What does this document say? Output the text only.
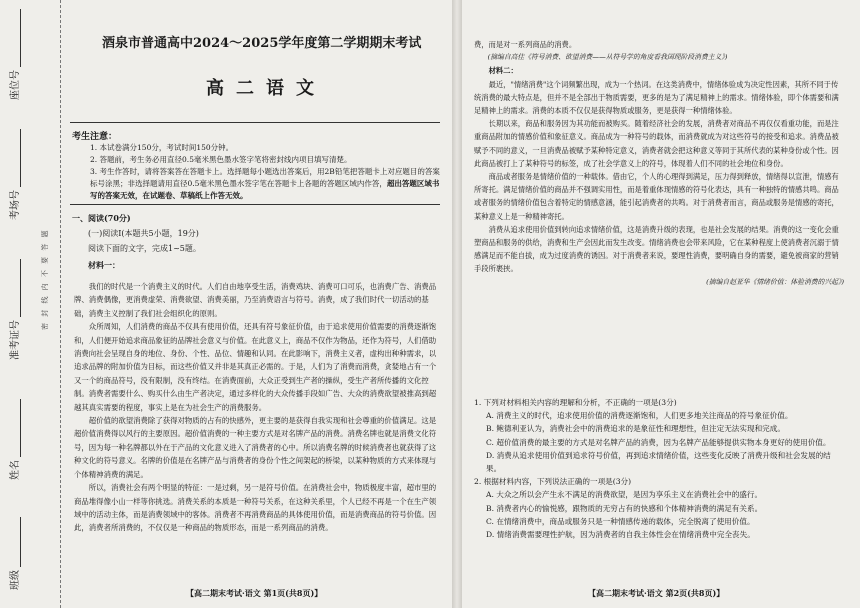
座位号
考场号
准考证号
姓名
班级
密 封 线 内 不 要 答 题
酒泉市普通高中2024～2025学年度第二学期期末考试
高二语文
考生注意：

1. 本试卷满分150分，考试时间150分钟。

2. 答题前，考生务必用直径0.5毫米黑色墨水签字笔将密封线内项目填写清楚。

3. 考生作答时，请将答案答在答题卡上。选择题每小题选出答案后，用2B铅笔把答题卡上对应题目的答案标号涂黑；非选择题请用直径0.5毫米黑色墨水签字笔在答题卡上各题的答题区域内作答，超出答题区域书写的答案无效，在试题卷、草稿纸上作答无效。

一、阅读(70分)
(一)阅读Ⅰ(本题共5小题，19分)
阅读下面的文字，完成1~5题。
材料一：

我们的时代是一个消费主义的时代。人们自由地享受生活，消费鸡块、消费可口可乐，也消费广告、消费品牌、消费偶像，更消费虚荣、消费欲望、消费美丽，乃至消费语言与符号。消费，成了我们时代一切活动的基础，消费主义控制了我们社会组织化的原则。

众所周知，人们消费的商品不仅具有使用价值，还具有符号象征价值，由于追求使用价值需要的消费逐渐饱和，人们便开始追求商品象征的品牌社会意义与价值。在此意义上，商品不仅作为物品，还作为符号，人们借助消费向社会呈现自身的地位、身份、个性、品位、情趣和认同。在此影响下，消费主义者，虚构出种种需求，以追求品牌的附加价值为目标，而这些价值又并非是其真正必需的。于是，人们为了消费而消费，贪婪地占有一个又一个的商品符号，没有限制，没有终结。在消费面前，大众正受到生产者的操纵，受生产者所传播的文化控制。消费者需要什么、购买什么由生产者决定，通过多样化的大众传播手段如广告、大众的消费欲望被推高到超越其真实需要的程度，事实上是在为社会生产的消费服务。

超价值的欲望消费除了获得对物质的占有的快感外，更主要的是获得自我实现和社会尊重的价值满足。这是超价值消费得以风行的主要原因。超价值消费的一种主要方式是对名牌产品的消费。消费名牌也就是消费文化符号，因为每一种名牌都以外在于产品的文化意义进入了消费者的心中。所以消费名牌的时候消费者也就获得了这种文化的符号意义。名牌的价值是在名牌产品与消费者的身份个性之间架起的桥梁，以某种物质的方式来体现与个体精神消费的满足。

所以，消费社会有两个明显的特征：一是过剩，另一是符号价值。在消费社会中，物质极度丰富，超市里的商品堆得像小山一样等你挑选。消费关系的本质是一种符号关系，在这种关系里，个人已经不再是一个在生产领域中的活动主体，而是消费领域中的客体。消费者不再消费商品的具体使用价值，而是消费商品的符号价值。因此，消费者所消费的，不仅仅是一种商品的物质形态，而是一系列商品的消费。

【高二期末考试·语文 第1页(共8页)】

费，而是对一系列商品的消费。

(摘编自高佳《符号消费、欲望消费——从符号学的角度看我国现阶段消费主义》)

材料二：

最近，"情绪消费"这个词频繁出现，成为一个热词。在这类消费中，情绪体验成为决定性因素，其所不同于传统消费的最大特点是，但并不是全部出于物质需要，更多的是为了满足精神上的需求。情绪体验，即个体需要和满足精神上的需求。消费的本质不仅仅是获得物质或服务，更是获得一种情绪体验。

长期以来，商品和服务因为其功能而被购买。随着经济社会的发展，消费者对商品不再仅仅看重功能，而是注重商品附加的情感价值和象征意义。商品成为一种符号的载体，而消费就成为对这些符号的接受和追求。消费品被赋予不同的意义，一旦消费品被赋予某种特定意义，消费者就会把这种意义等同于其所代表的某种身份或个性。因此商品被打上了某种符号的标签，成了社会学意义上的符号，体现着人们不同的社会地位和身份。

商品或者服务是情绪价值的一种载体。借由它，个人的心理得到满足，压力得到释放，情绪得以宣泄，情感有所寄托。满足情绪价值的商品并不强调实用性，而是着重体现情感的符号化表达，具有一种独特的情感共鸣。商品或者服务的情绪价值包含着特定的情感意涵，能引起消费者的共鸣。对于消费者而言，商品或服务是情感的寄托，某种意义上是一种精神寄托。

消费从追求使用价值到转向追求情绪价值，这是消费升级的表现，也是社会发展的结果。消费的这一变化会重塑商品和服务的供给，消费和生产会因此而发生改变。情绪消费也会带来风险，它在某种程度上使消费者沉溺于情感满足而不能自拔，成为过度消费的诱因。对于消费者来说，要理性消费，要明确自身的需要，避免被商家的营销手段所裹挟。

(摘编自赵亚华《情绪价值：体验消费的兴起》)

1. 下列对材料相关内容的理解和分析，不正确的一项是(3分)

A. 消费主义的时代，追求使用价值的消费逐渐饱和，人们更多地关注商品的符号象征价值。

B. 鲍德利亚认为，消费社会中的消费追求的是象征性和理想性，但注定无法实现和完成。

C. 超价值消费的最主要的方式是对名牌产品的消费，因为名牌产品能够提供实物本身更好的使用价值。

D. 消费从追求使用价值到追求符号价值，再到追求情绪价值，这些变化反映了消费升级和社会发展的结果。

2. 根据材料内容，下列说法正确的一项是(3分)

A. 大众之所以会产生永不满足的消费欲望，是因为享乐主义在消费社会中的盛行。

B. 消费者内心的愉悦感，跟物质的无穷占有的快感和个体精神消费的满足有关系。

C. 在情绪消费中，商品或服务只是一种情感传递的载体，完全脱离了使用价值。

D. 情绪消费需要理性护航，因为消费者的自我主体性会在情绪消费中完全丧失。

【高二期末考试·语文 第2页(共8页)】
